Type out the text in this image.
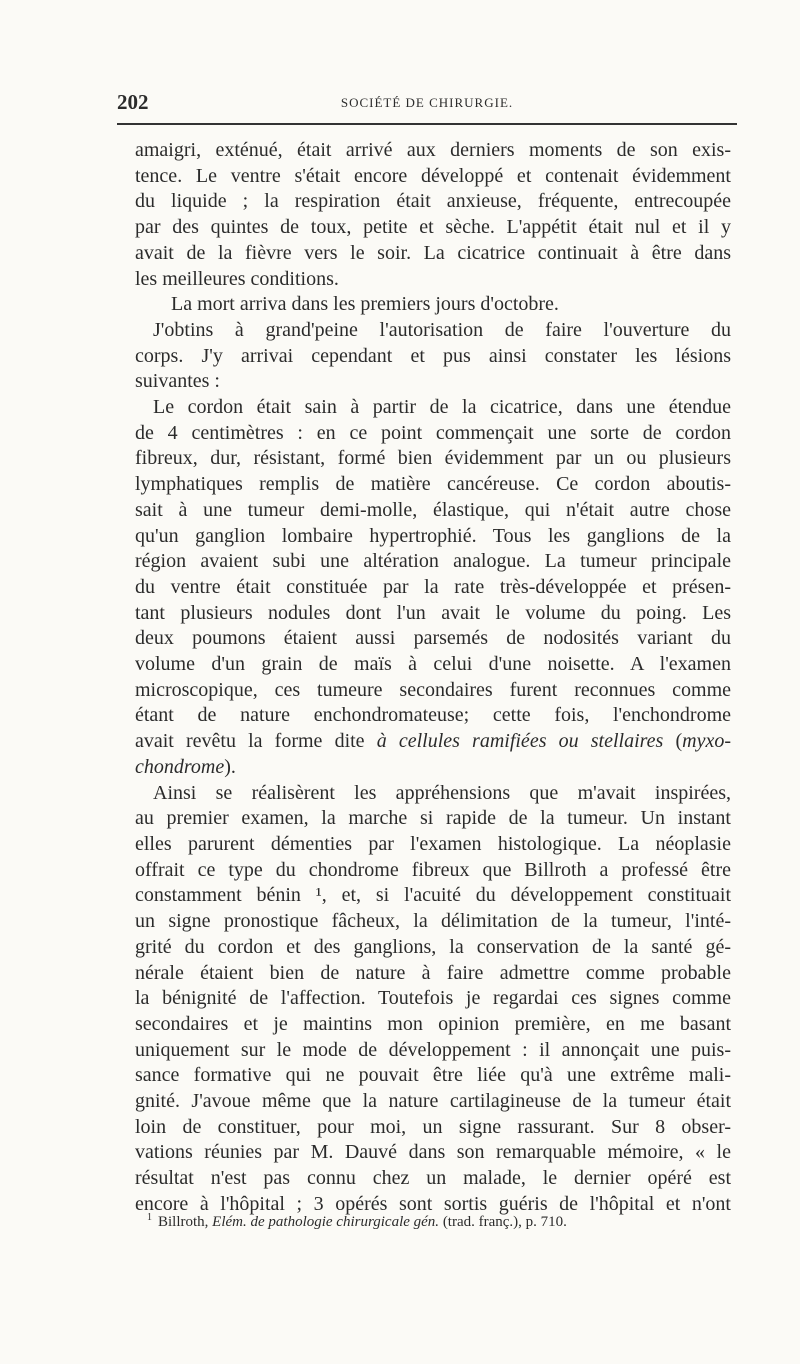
202	SOCIÉTÉ DE CHIRURGIE.

amaigri, exténué, était arrivé aux derniers moments de son exis-
tence. Le ventre s'était encore développé et contenait évidemment
du liquide ; la respiration était anxieuse, fréquente, entrecoupée
par des quintes de toux, petite et sèche. L'appétit était nul et il y
avait de la fièvre vers le soir. La cicatrice continuait à être dans
les meilleures conditions.

La mort arriva dans les premiers jours d'octobre.

J'obtins à grand'peine l'autorisation de faire l'ouverture du
corps. J'y arrivai cependant et pus ainsi constater les lésions
suivantes :

Le cordon était sain à partir de la cicatrice, dans une étendue
de 4 centimètres : en ce point commençait une sorte de cordon
fibreux, dur, résistant, formé bien évidemment par un ou plusieurs
lymphatiques remplis de matière cancéreuse. Ce cordon aboutis-
sait à une tumeur demi-molle, élastique, qui n'était autre chose
qu'un ganglion lombaire hypertrophié. Tous les ganglions de la
région avaient subi une altération analogue. La tumeur principale
du ventre était constituée par la rate très-développée et présen-
tant plusieurs nodules dont l'un avait le volume du poing. Les
deux poumons étaient aussi parsemés de nodosités variant du
volume d'un grain de maïs à celui d'une noisette. A l'examen
microscopique, ces tumeure secondaires furent reconnues comme
étant de nature enchondromateuse; cette fois, l'enchondrome
avait revêtu la forme dite à cellules ramifiées ou stellaires (myxo-
chondrome).

Ainsi se réalisèrent les appréhensions que m'avait inspirées,
au premier examen, la marche si rapide de la tumeur. Un instant
elles parurent démenties par l'examen histologique. La néoplasie
offrait ce type du chondrome fibreux que Billroth a professé être
constamment bénin ¹, et, si l'acuité du développement constituait
un signe pronostique fâcheux, la délimitation de la tumeur, l'inté-
grité du cordon et des ganglions, la conservation de la santé gé-
nérale étaient bien de nature à faire admettre comme probable
la bénignité de l'affection. Toutefois je regardai ces signes comme
secondaires et je maintins mon opinion première, en me basant
uniquement sur le mode de développement : il annonçait une puis-
sance formative qui ne pouvait être liée qu'à une extrême mali-
gnité. J'avoue même que la nature cartilagineuse de la tumeur était
loin de constituer, pour moi, un signe rassurant. Sur 8 obser-
vations réunies par M. Dauvé dans son remarquable mémoire, « le
résultat n'est pas connu chez un malade, le dernier opéré est
encore à l'hôpital ; 3 opérés sont sortis guéris de l'hôpital et n'ont

$^1$ Billroth, Elém. de pathologie chirurgicale gén. (trad. franç.), p. 710.
